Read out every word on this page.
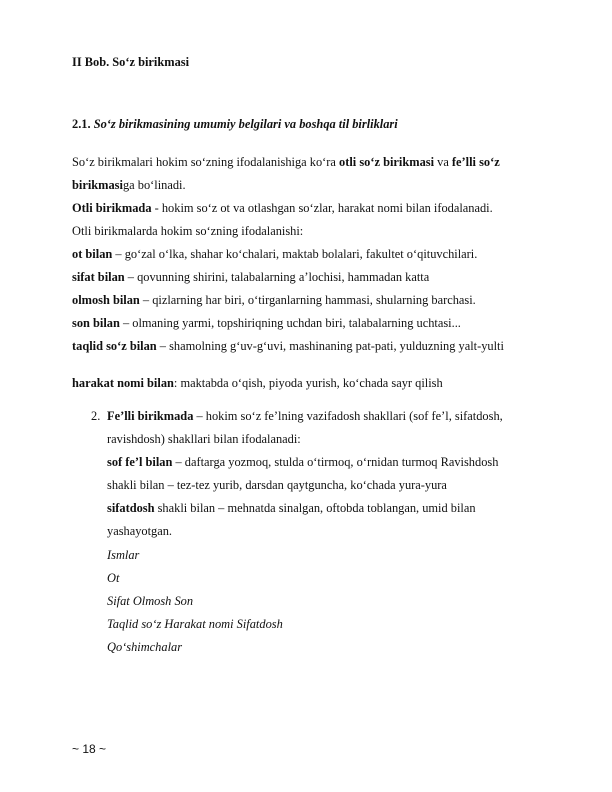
II Bob. So‘z birikmasi
2.1. So‘z birikmasining umumiy belgilari va boshqa til birliklari
So‘z birikmalari hokim so‘zning ifodalanishiga ko‘ra otli so‘z birikmasi va fe’lli so‘z
birikmasiga bo‘linadi.
Otli birikmada - hokim so‘z ot va otlashgan so‘zlar, harakat nomi bilan ifodalanadi.
Otli birikmalarda hokim so‘zning ifodalanishi:
ot bilan – go‘zal o‘lka, shahar ko‘chalari, maktab bolalari, fakultet o‘qituvchilari.
sifat bilan – qovunning shirini, talabalarning a’lochisi, hammadan katta
olmosh bilan – qizlarning har biri, o‘tirganlarning hammasi, shularning barchasi.
son bilan – olmaning yarmi, topshiriqning uchdan biri, talabalarning uchtasi...
taqlid so‘z bilan – shamolning g‘uv-g‘uvi, mashinaning pat-pati, yulduzning yalt-yulti
harakat nomi bilan: maktabda o‘qish, piyoda yurish, ko‘chada sayr qilish
2. Fe’lli birikmada – hokim so‘z fe’lning vazifadosh shakllari (sof fe’l, sifatdosh,
ravishdosh) shakllari bilan ifodalanadi:
sof fe’l bilan – daftarga yozmoq, stulda o‘tirmoq, o‘rnidan turmoq Ravishdosh
shakli bilan – tez-tez yurib, darsdan qaytguncha, ko‘chada yura-yura
sifatdosh shakli bilan – mehnatda sinalgan, oftobda toblangan, umid bilan
yashayotgan.
Ismlar
Ot
Sifat Olmosh Son
Taqlid so‘z Harakat nomi Sifatdosh
Qo‘shimchalar
~ 18 ~
